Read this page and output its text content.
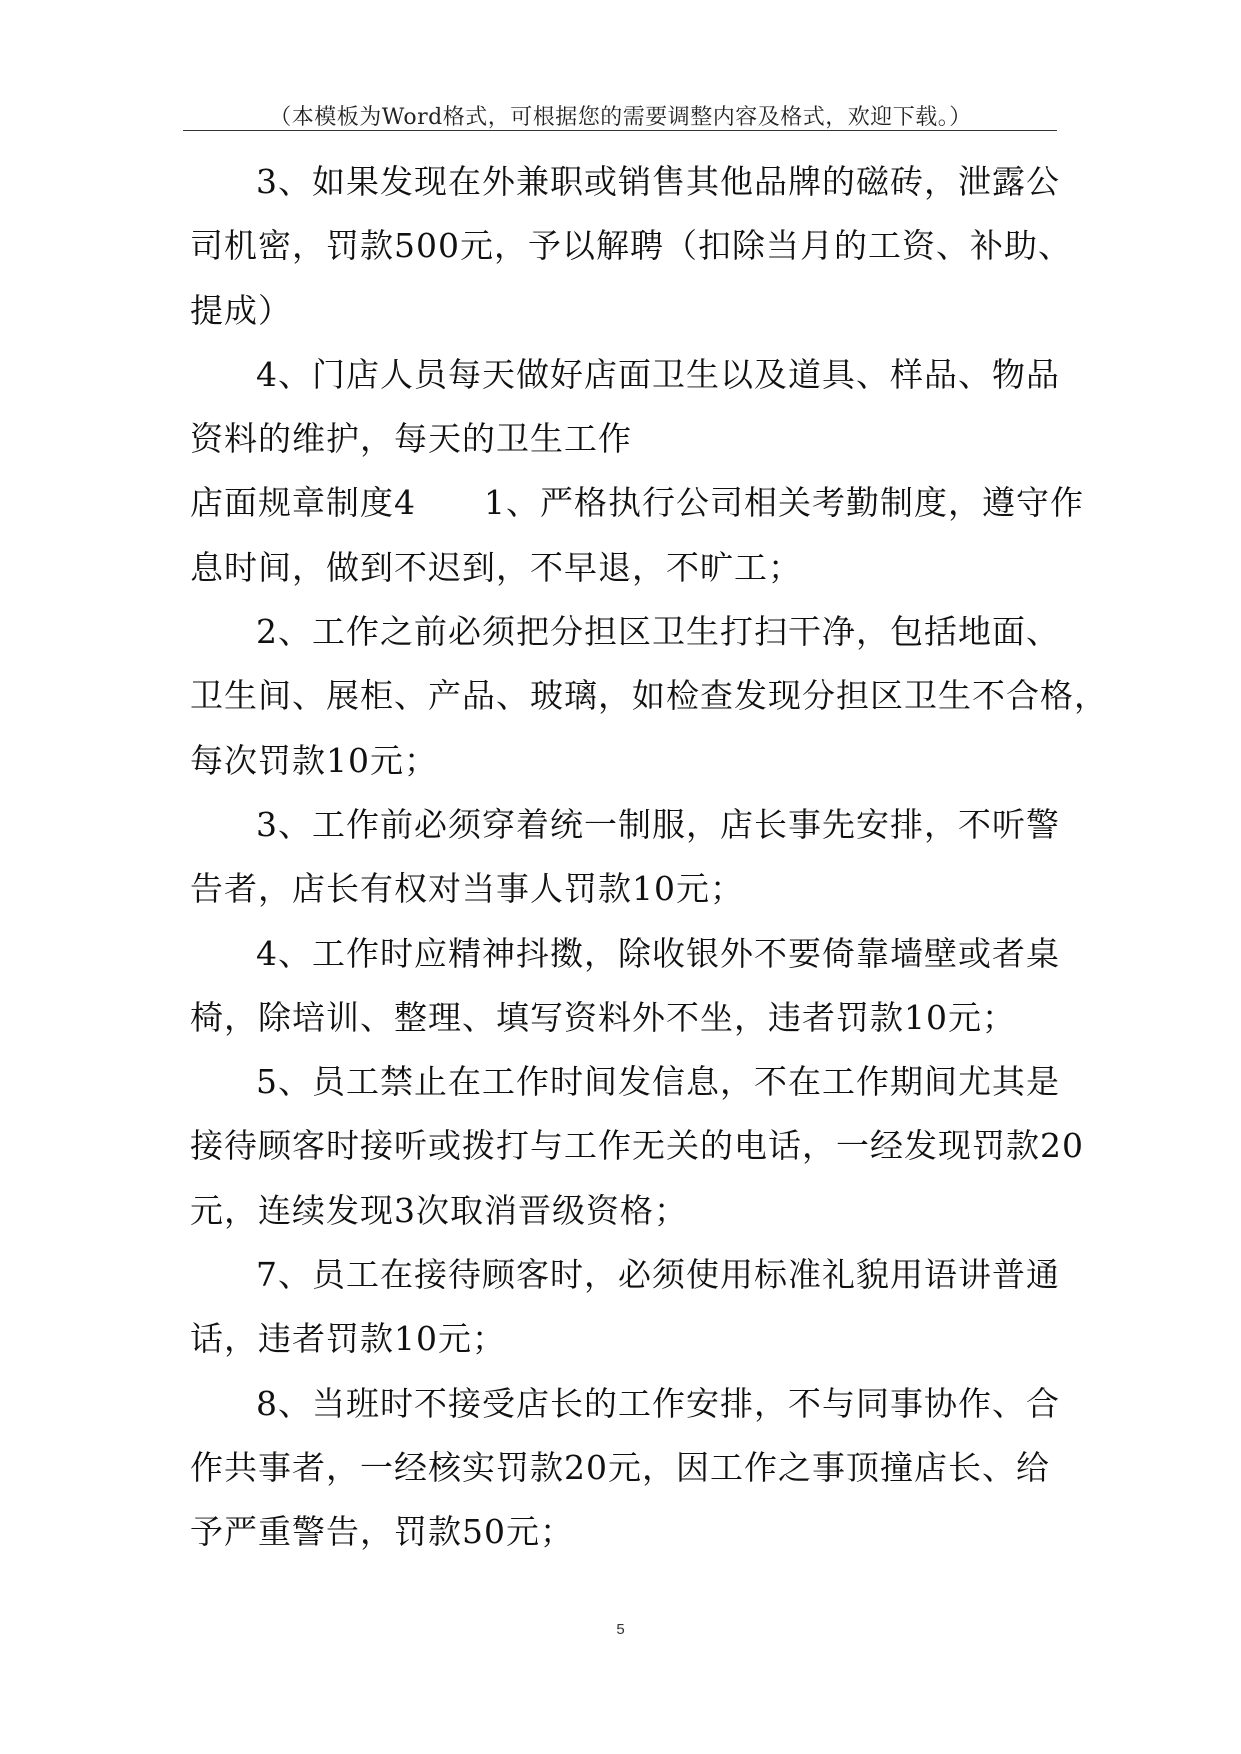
（本模板为Word格式，可根据您的需要调整内容及格式，欢迎下载。）
3、如果发现在外兼职或销售其他品牌的磁砖，泄露公
司机密，罚款500元，予以解聘（扣除当月的工资、补助、
提成）
4、门店人员每天做好店面卫生以及道具、样品、物品
资料的维护，每天的卫生工作
店面规章制度4　　1、严格执行公司相关考勤制度，遵守作
息时间，做到不迟到，不早退，不旷工；
2、工作之前必须把分担区卫生打扫干净，包括地面、
卫生间、展柜、产品、玻璃，如检查发现分担区卫生不合格，
每次罚款10元；
3、工作前必须穿着统一制服，店长事先安排，不听警
告者，店长有权对当事人罚款10元；
4、工作时应精神抖擞，除收银外不要倚靠墙壁或者桌
椅，除培训、整理、填写资料外不坐，违者罚款10元；
5、员工禁止在工作时间发信息，不在工作期间尤其是
接待顾客时接听或拨打与工作无关的电话，一经发现罚款20
元，连续发现3次取消晋级资格；
7、员工在接待顾客时，必须使用标准礼貌用语讲普通
话，违者罚款10元；
8、当班时不接受店长的工作安排，不与同事协作、合
作共事者，一经核实罚款20元，因工作之事顶撞店长、给
予严重警告，罚款50元；
5
